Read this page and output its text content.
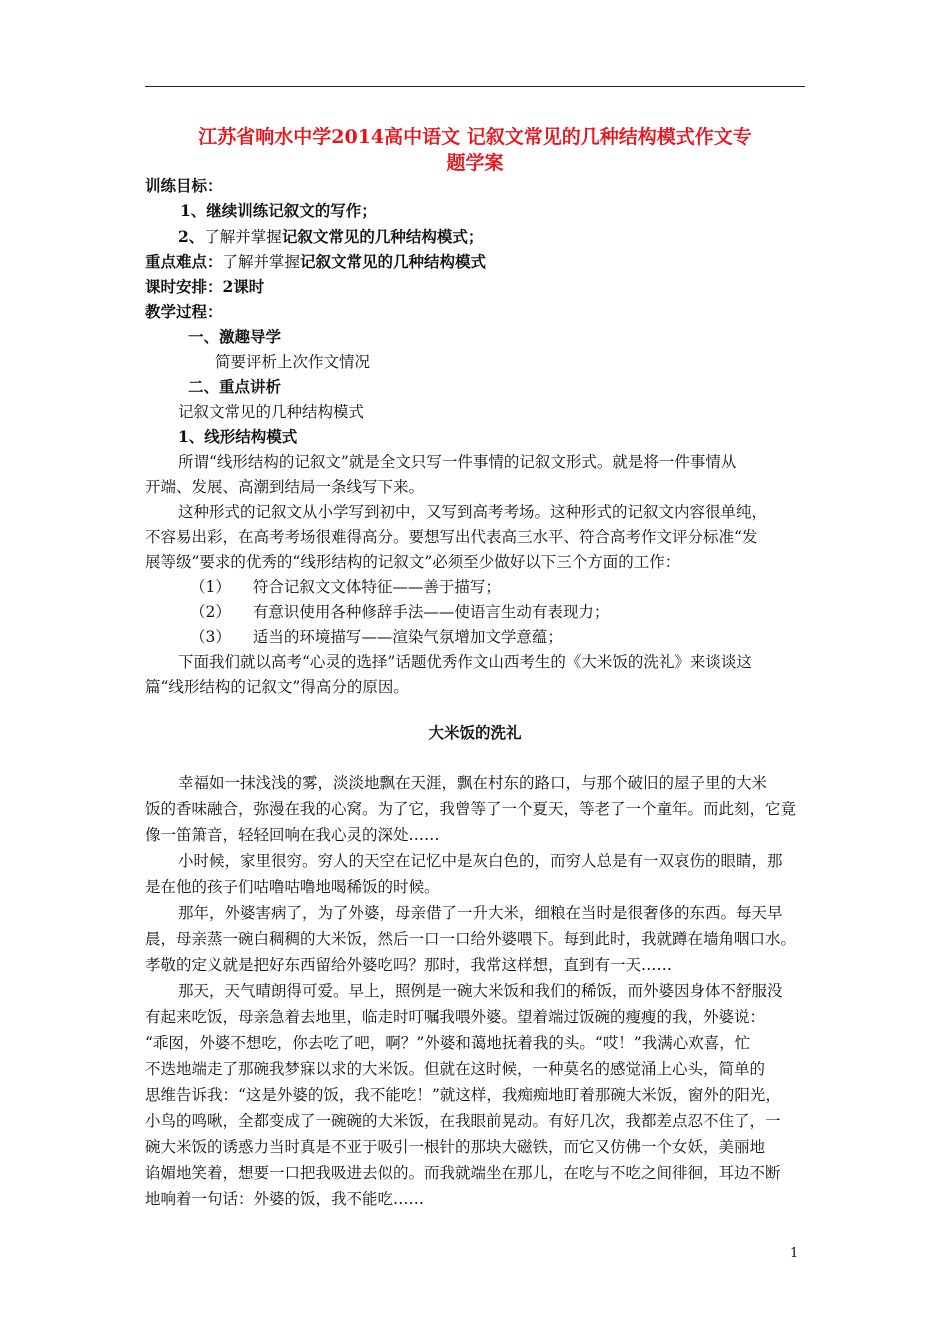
江苏省响水中学2014高中语文 记叙文常见的几种结构模式作文专
题学案
训练目标：
1、继续训练记叙文的写作；
2、了解并掌握记叙文常见的几种结构模式；
重点难点：了解并掌握记叙文常见的几种结构模式
课时安排：2课时
教学过程：
一、激趣导学
简要评析上次作文情况
二、重点讲析
记叙文常见的几种结构模式
1、线形结构模式
所谓“线形结构的记叙文”就是全文只写一件事情的记叙文形式。就是将一件事情从
开端、发展、高潮到结局一条线写下来。
这种形式的记叙文从小学写到初中，又写到高考考场。这种形式的记叙文内容很单纯，
不容易出彩，在高考考场很难得高分。要想写出代表高三水平、符合高考作文评分标准“发
展等级”要求的优秀的“线形结构的记叙文”必须至少做好以下三个方面的工作：
（1） 符合记叙文文体特征——善于描写；
（2） 有意识使用各种修辞手法——使语言生动有表现力；
（3） 适当的环境描写——渲染气氛增加文学意蕴；
下面我们就以高考“心灵的选择”话题优秀作文山西考生的《大米饭的洗礼》来谈谈这
篇“线形结构的记叙文”得高分的原因。
大米饭的洗礼
幸福如一抹浅浅的雾，淡淡地飘在天涯，飘在村东的路口，与那个破旧的屋子里的大米
饭的香味融合，弥漫在我的心窝。为了它，我曾等了一个夏天，等老了一个童年。而此刻，它竟
像一笛箫音，轻轻回响在我心灵的深处……
小时候，家里很穷。穷人的天空在记忆中是灰白色的，而穷人总是有一双哀伤的眼睛，那
是在他的孩子们咕噜咕噜地喝稀饭的时候。
那年，外婆害病了，为了外婆，母亲借了一升大米，细粮在当时是很奢侈的东西。每天早
晨，母亲蒸一碗白稠稠的大米饭，然后一口一口给外婆喂下。每到此时，我就蹲在墙角咽口水。
孝敬的定义就是把好东西留给外婆吃吗？那时，我常这样想，直到有一天……
那天，天气晴朗得可爱。早上，照例是一碗大米饭和我们的稀饭，而外婆因身体不舒服没
有起来吃饭，母亲急着去地里，临走时叮嘱我喂外婆。望着端过饭碗的瘦瘦的我，外婆说：
“乖囡，外婆不想吃，你去吃了吧，啊？”外婆和蔼地抚着我的头。“哎！”我满心欢喜，忙
不迭地端走了那碗我梦寐以求的大米饭。但就在这时候，一种莫名的感觉涌上心头，简单的
思维告诉我：“这是外婆的饭，我不能吃！”就这样，我痴痴地盯着那碗大米饭，窗外的阳光，
小鸟的鸣啾，全都变成了一碗碗的大米饭，在我眼前晃动。有好几次，我都差点忍不住了，一
碗大米饭的诱惑力当时真是不亚于吸引一根针的那块大磁铁，而它又仿佛一个女妖，美丽地
谄媚地笑着，想要一口把我吸进去似的。而我就端坐在那儿，在吃与不吃之间徘徊，耳边不断
地响着一句话：外婆的饭，我不能吃……
1
